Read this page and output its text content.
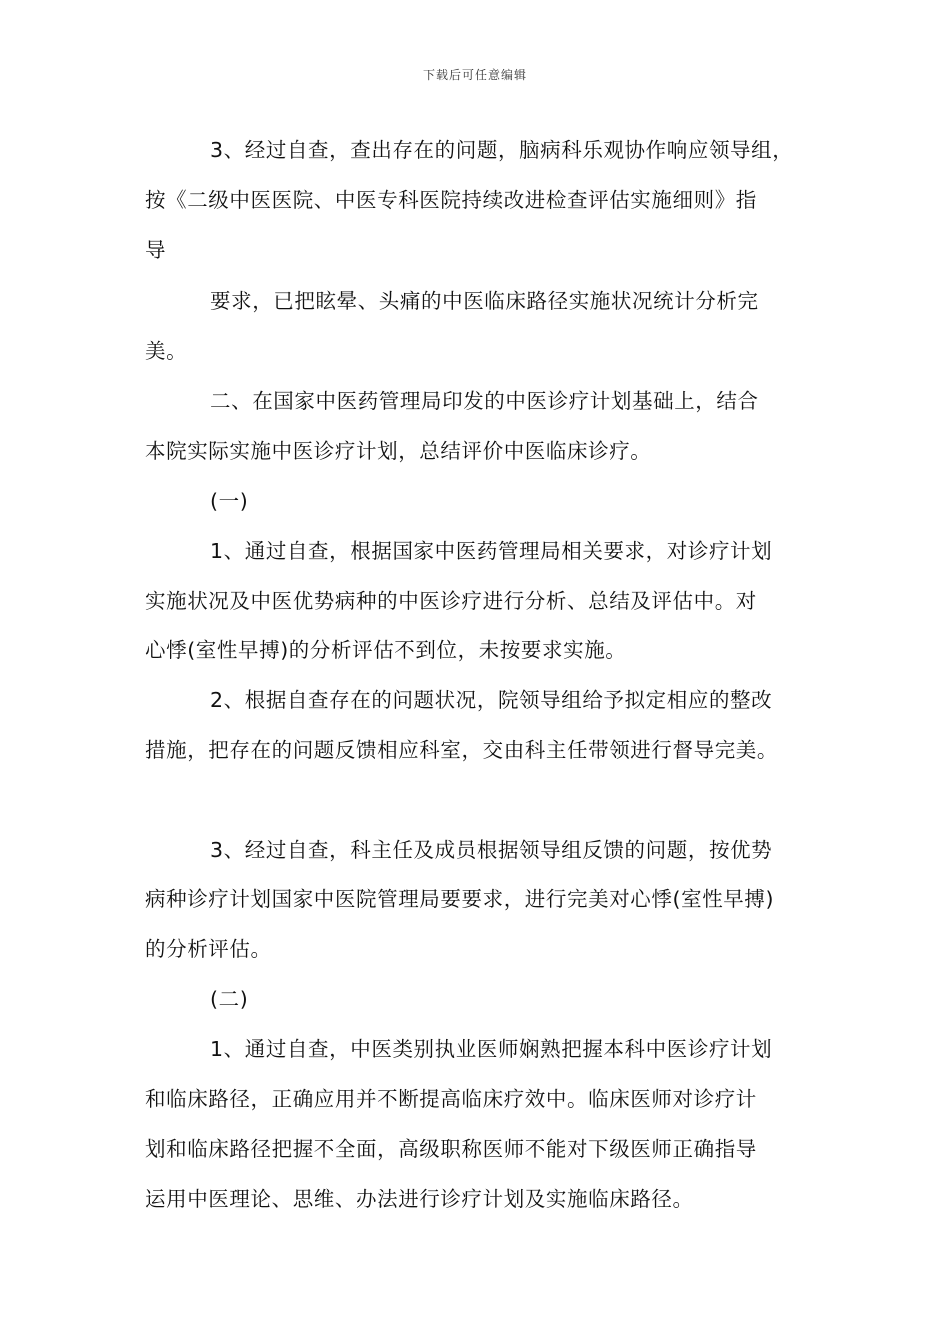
下载后可任意编辑
3、经过自查，查出存在的问题，脑病科乐观协作响应领导组，
按《二级中医医院、中医专科医院持续改进检查评估实施细则》指
导
要求，已把眩晕、头痛的中医临床路径实施状况统计分析完
美。
二、在国家中医药管理局印发的中医诊疗计划基础上，结合
本院实际实施中医诊疗计划，总结评价中医临床诊疗。
(一)
1、通过自查，根据国家中医药管理局相关要求，对诊疗计划
实施状况及中医优势病种的中医诊疗进行分析、总结及评估中。对
心悸(室性早搏)的分析评估不到位，未按要求实施。
2、根据自查存在的问题状况，院领导组给予拟定相应的整改
措施，把存在的问题反馈相应科室，交由科主任带领进行督导完美。
3、经过自查，科主任及成员根据领导组反馈的问题，按优势
病种诊疗计划国家中医院管理局要要求，进行完美对心悸(室性早搏)
的分析评估。
(二)
1、通过自查，中医类别执业医师娴熟把握本科中医诊疗计划
和临床路径，正确应用并不断提高临床疗效中。临床医师对诊疗计
划和临床路径把握不全面，高级职称医师不能对下级医师正确指导
运用中医理论、思维、办法进行诊疗计划及实施临床路径。
